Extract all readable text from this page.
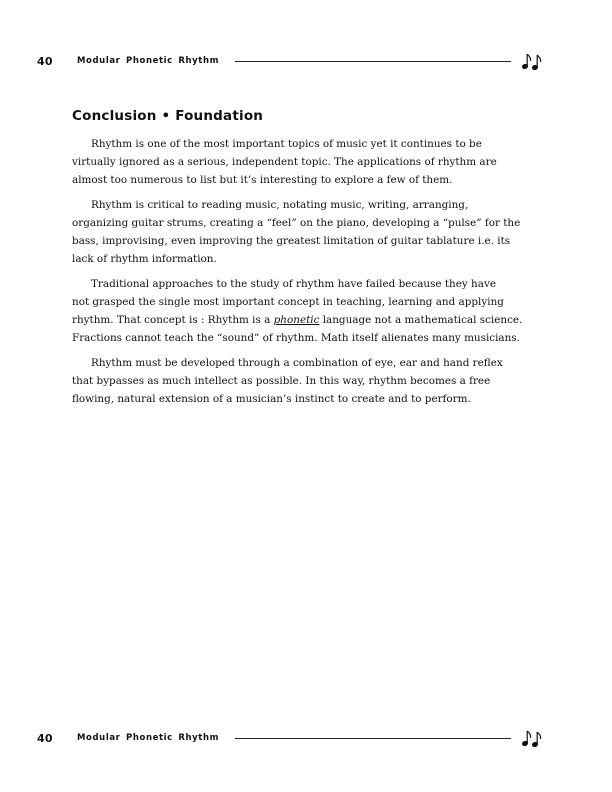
40	Modular Phonetic Rhythm
Conclusion • Foundation

Rhythm is one of the most important topics of music yet it continues to be
virtually ignored as a serious, independent topic. The applications of rhythm are
almost too numerous to list but it’s interesting to explore a few of them.

Rhythm is critical to reading music, notating music, writing, arranging,
organizing guitar strums, creating a “feel” on the piano, developing a “pulse” for the
bass, improvising, even improving the greatest limitation of guitar tablature i.e. its
lack of rhythm information.

Traditional approaches to the study of rhythm have failed because they have
not grasped the single most important concept in teaching, learning and applying
rhythm. That concept is : Rhythm is a phonetic language not a mathematical science.
Fractions cannot teach the “sound” of rhythm. Math itself alienates many musicians.

Rhythm must be developed through a combination of eye, ear and hand reflex
that bypasses as much intellect as possible. In this way, rhythm becomes a free
flowing, natural extension of a musician’s instinct to create and to perform.

40	Modular Phonetic Rhythm
